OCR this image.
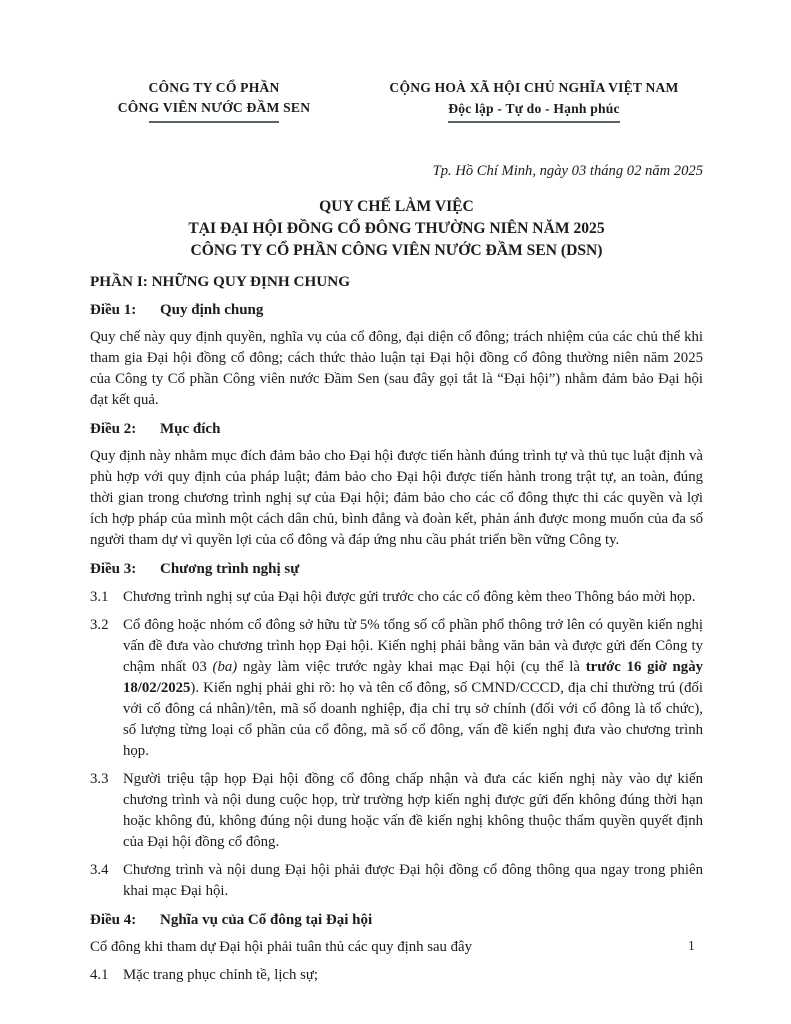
CÔNG TY CỔ PHẦN
CÔNG VIÊN NƯỚC ĐẦM SEN
CỘNG HOÀ XÃ HỘI CHỦ NGHĨA VIỆT NAM
Độc lập - Tự do - Hạnh phúc
Tp. Hồ Chí Minh, ngày 03 tháng 02 năm 2025
QUY CHẾ LÀM VIỆC
TẠI ĐẠI HỘI ĐỒNG CỔ ĐÔNG THƯỜNG NIÊN NĂM 2025
CÔNG TY CỔ PHẦN CÔNG VIÊN NƯỚC ĐẦM SEN (DSN)
PHẦN I: NHỮNG QUY ĐỊNH CHUNG
Điều 1: Quy định chung

Quy chế này quy định quyền, nghĩa vụ của cổ đông, đại diện cổ đông; trách nhiệm của các chủ thể khi tham gia Đại hội đồng cổ đông; cách thức thảo luận tại Đại hội đồng cổ đông thường niên năm 2025 của Công ty Cổ phần Công viên nước Đầm Sen (sau đây gọi tắt là “Đại hội”) nhằm đảm bảo Đại hội đạt kết quả.

Điều 2: Mục đích

Quy định này nhằm mục đích đảm bảo cho Đại hội được tiến hành đúng trình tự và thủ tục luật định và phù hợp với quy định của pháp luật; đảm bảo cho Đại hội được tiến hành trong trật tự, an toàn, đúng thời gian trong chương trình nghị sự của Đại hội; đảm bảo cho các cổ đông thực thi các quyền và lợi ích hợp pháp của mình một cách dân chủ, bình đẳng và đoàn kết, phản ánh được mong muốn của đa số người tham dự vì quyền lợi của cổ đông và đáp ứng nhu cầu phát triển bền vững Công ty.

Điều 3: Chương trình nghị sự
3.1 Chương trình nghị sự của Đại hội được gửi trước cho các cổ đông kèm theo Thông báo mời họp.
3.2 Cổ đông hoặc nhóm cổ đông sở hữu từ 5% tổng số cổ phần phổ thông trở lên có quyền kiến nghị vấn đề đưa vào chương trình họp Đại hội. Kiến nghị phải bằng văn bản và được gửi đến Công ty chậm nhất 03 (ba) ngày làm việc trước ngày khai mạc Đại hội (cụ thể là trước 16 giờ ngày 18/02/2025). Kiến nghị phải ghi rõ: họ và tên cổ đông, số CMND/CCCD, địa chỉ thường trú (đối với cổ đông cá nhân)/tên, mã số doanh nghiệp, địa chỉ trụ sở chính (đối với cổ đông là tổ chức), số lượng từng loại cổ phần của cổ đông, mã số cổ đông, vấn đề kiến nghị đưa vào chương trình họp.
3.3 Người triệu tập họp Đại hội đồng cổ đông chấp nhận và đưa các kiến nghị này vào dự kiến chương trình và nội dung cuộc họp, trừ trường hợp kiến nghị được gửi đến không đúng thời hạn hoặc không đủ, không đúng nội dung hoặc vấn đề kiến nghị không thuộc thẩm quyền quyết định của Đại hội đồng cổ đông.
3.4 Chương trình và nội dung Đại hội phải được Đại hội đồng cổ đông thông qua ngay trong phiên khai mạc Đại hội.
Điều 4: Nghĩa vụ của Cổ đông tại Đại hội

Cổ đông khi tham dự Đại hội phải tuân thủ các quy định sau đây

4.1 Mặc trang phục chỉnh tề, lịch sự;
1
